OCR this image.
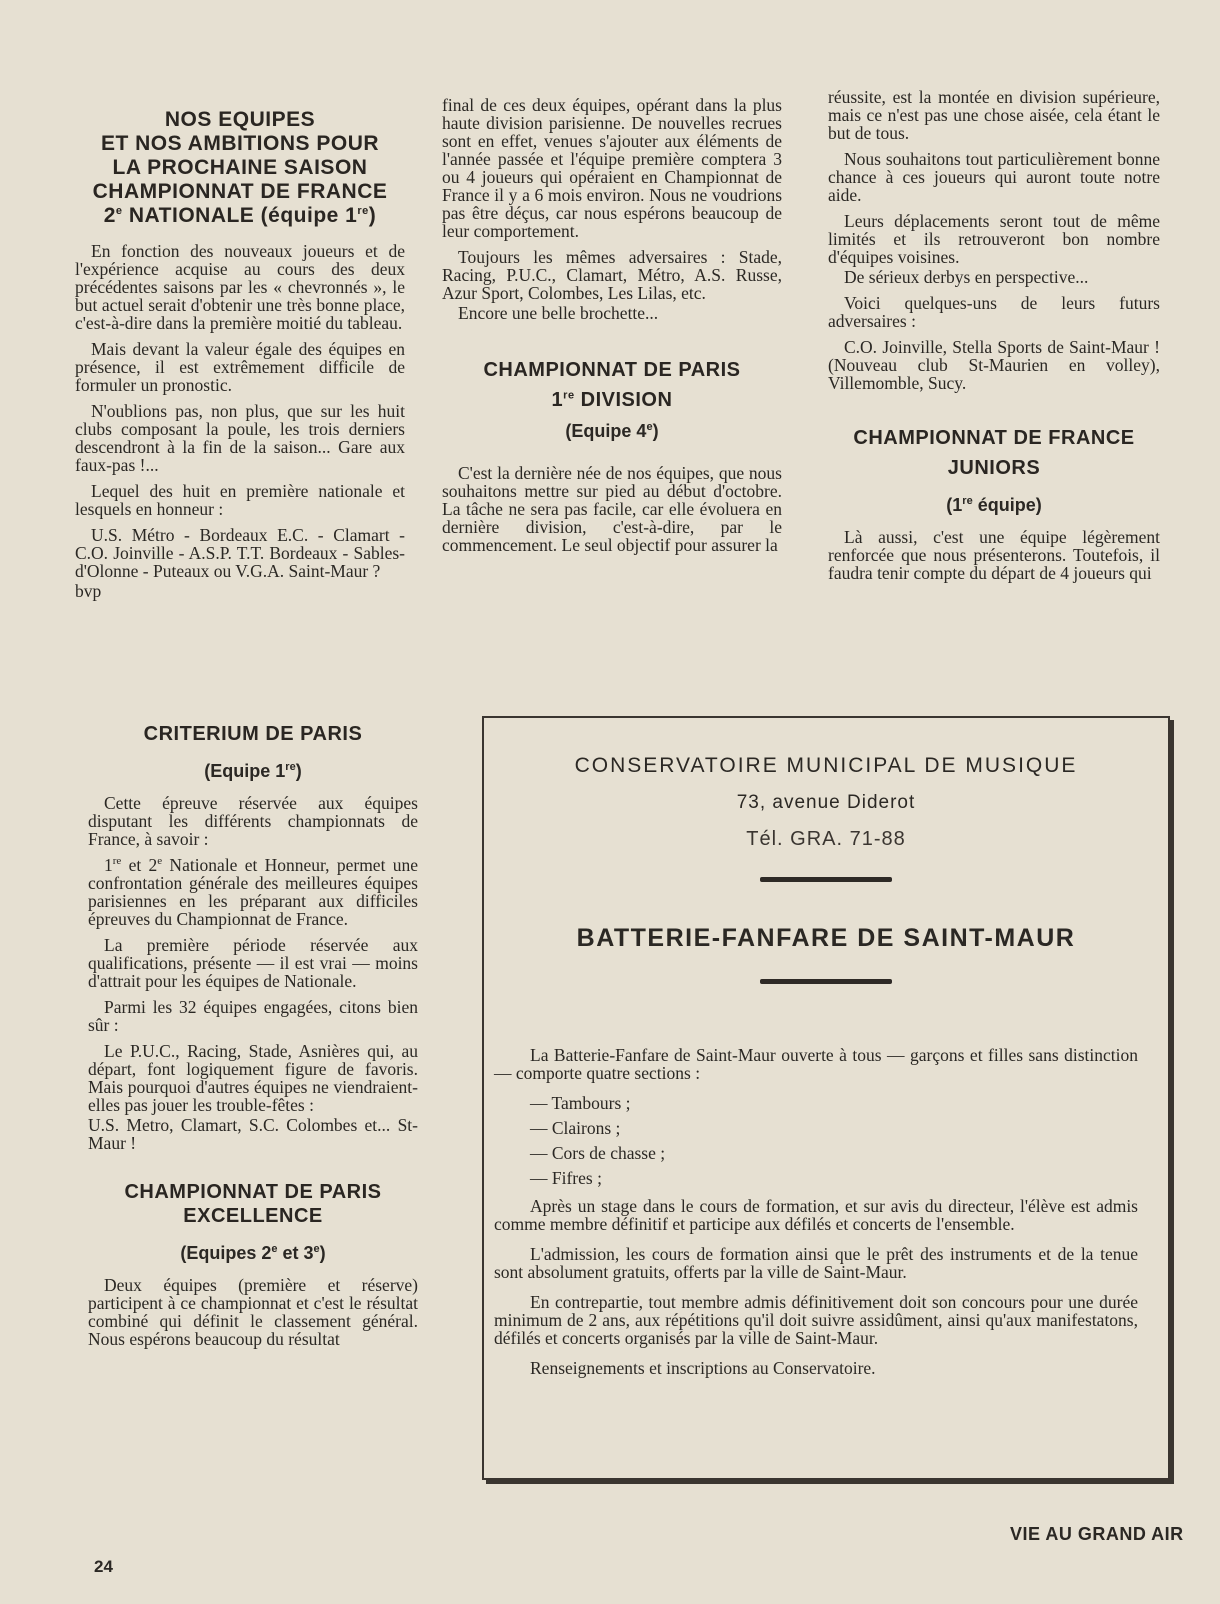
NOS EQUIPES
ET NOS AMBITIONS POUR
LA PROCHAINE SAISON
CHAMPIONNAT DE FRANCE
2e NATIONALE (équipe 1re)

En fonction des nouveaux joueurs et de l'expérience acquise au cours des deux précédentes saisons par les « chevronnés », le but actuel serait d'obtenir une très bonne place, c'est-à-dire dans la première moitié du tableau.

Mais devant la valeur égale des équipes en présence, il est extrêmement difficile de formuler un pronostic.

N'oublions pas, non plus, que sur les huit clubs composant la poule, les trois derniers descendront à la fin de la saison... Gare aux faux-pas !...

Lequel des huit en première nationale et lesquels en honneur :

U.S. Métro - Bordeaux E.C. - Clamart - C.O. Joinville - A.S.P. T.T. Bordeaux - Sables-d'Olonne - Puteaux ou V.G.A. Saint-Maur ?

bvp

final de ces deux équipes, opérant dans la plus haute division parisienne. De nouvelles recrues sont en effet, venues s'ajouter aux éléments de l'année passée et l'équipe première comptera 3 ou 4 joueurs qui opéraient en Championnat de France il y a 6 mois environ. Nous ne voudrions pas être déçus, car nous espérons beaucoup de leur comportement.

Toujours les mêmes adversaires : Stade, Racing, P.U.C., Clamart, Métro, A.S. Russe, Azur Sport, Colombes, Les Lilas, etc.

Encore une belle brochette...

CHAMPIONNAT DE PARIS
1re DIVISION
(Equipe 4e)

C'est la dernière née de nos équipes, que nous souhaitons mettre sur pied au début d'octobre. La tâche ne sera pas facile, car elle évoluera en dernière division, c'est-à-dire, par le commencement. Le seul objectif pour assurer la

réussite, est la montée en division supérieure, mais ce n'est pas une chose aisée, cela étant le but de tous.

Nous souhaitons tout particulièrement bonne chance à ces joueurs qui auront toute notre aide.

Leurs déplacements seront tout de même limités et ils retrouveront bon nombre d'équipes voisines.

De sérieux derbys en perspective...

Voici quelques-uns de leurs futurs adversaires :

C.O. Joinville, Stella Sports de Saint-Maur ! (Nouveau club St-Maurien en volley), Villemomble, Sucy.

CHAMPIONNAT DE FRANCE
JUNIORS
(1re équipe)

Là aussi, c'est une équipe légèrement renforcée que nous présenterons. Toutefois, il faudra tenir compte du départ de 4 joueurs qui

CRITERIUM DE PARIS
(Equipe 1re)

Cette épreuve réservée aux équipes disputant les différents championnats de France, à savoir :

1re et 2e Nationale et Honneur, permet une confrontation générale des meilleures équipes parisiennes en les préparant aux difficiles épreuves du Championnat de France.

La première période réservée aux qualifications, présente — il est vrai — moins d'attrait pour les équipes de Nationale.

Parmi les 32 équipes engagées, citons bien sûr :

Le P.U.C., Racing, Stade, Asnières qui, au départ, font logiquement figure de favoris. Mais pourquoi d'autres équipes ne viendraient-elles pas jouer les trouble-fêtes :

U.S. Metro, Clamart, S.C. Colombes et... St-Maur !

CHAMPIONNAT DE PARIS
EXCELLENCE
(Equipes 2e et 3e)

Deux équipes (première et réserve) participent à ce championnat et c'est le résultat combiné qui définit le classement général. Nous espérons beaucoup du résultat

CONSERVATOIRE MUNICIPAL DE MUSIQUE
73, avenue Diderot
Tél. GRA. 71-88
BATTERIE-FANFARE DE SAINT-MAUR

La Batterie-Fanfare de Saint-Maur ouverte à tous — garçons et filles sans distinction — comporte quatre sections :

— Tambours ;
— Clairons ;
— Cors de chasse ;
— Fifres ;

Après un stage dans le cours de formation, et sur avis du directeur, l'élève est admis comme membre définitif et participe aux défilés et concerts de l'ensemble.

L'admission, les cours de formation ainsi que le prêt des instruments et de la tenue sont absolument gratuits, offerts par la ville de Saint-Maur.

En contrepartie, tout membre admis définitivement doit son concours pour une durée minimum de 2 ans, aux répétitions qu'il doit suivre assidûment, ainsi qu'aux manifestatons, défilés et concerts organisés par la ville de Saint-Maur.

Renseignements et inscriptions au Conservatoire.

VIE AU GRAND AIR
24
